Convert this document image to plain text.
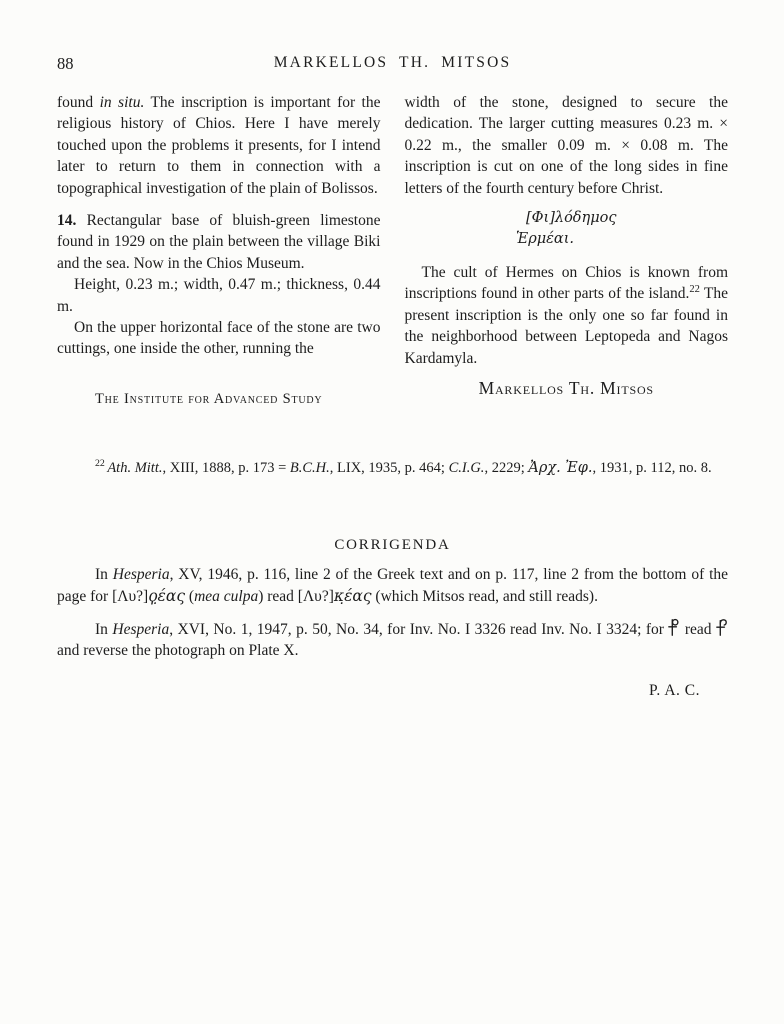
88	MARKELLOS TH. MITSOS

found in situ. The inscription is important for the religious history of Chios. Here I have merely touched upon the problems it presents, for I intend later to return to them in connection with a topographical investigation of the plain of Bolissos.

14. Rectangular base of bluish-green limestone found in 1929 on the plain between the village Biki and the sea. Now in the Chios Museum.

Height, 0.23 m.; width, 0.47 m.; thickness, 0.44 m.

On the upper horizontal face of the stone are two cuttings, one inside the other, running the

The Institute for Advanced Study

width of the stone, designed to secure the dedication. The larger cutting measures 0.23 m. × 0.22 m., the smaller 0.09 m. × 0.08 m. The inscription is cut on one of the long sides in fine letters of the fourth century before Christ.

[Φι]λόδημος
Ἑρμέαι.

The cult of Hermes on Chios is known from inscriptions found in other parts of the island.$^{22}$ The present inscription is the only one so far found in the neighborhood between Leptopeda and Nagos Kardamyla.

Markellos Th. Mitsos
$^{22}$ Ath. Mitt., XIII, 1888, p. 173 = B.C.H., LIX, 1935, p. 464; C.I.G., 2229; Ἀρχ. Ἐφ., 1931, p. 112, no. 8.
CORRIGENDA

In Hesperia, XV, 1946, p. 116, line 2 of the Greek text and on p. 117, line 2 from the bottom of the page for [Λυ?]ϙ̣έας (mea culpa) read [Λυ?]κ̣έας (which Mitsos read, and still reads).

In Hesperia, XVI, No. 1, 1947, p. 50, No. 34, for Inv. No. I 3326 read Inv. No. I 3324; for  read  and reverse the photograph on Plate X.

P. A. C.
